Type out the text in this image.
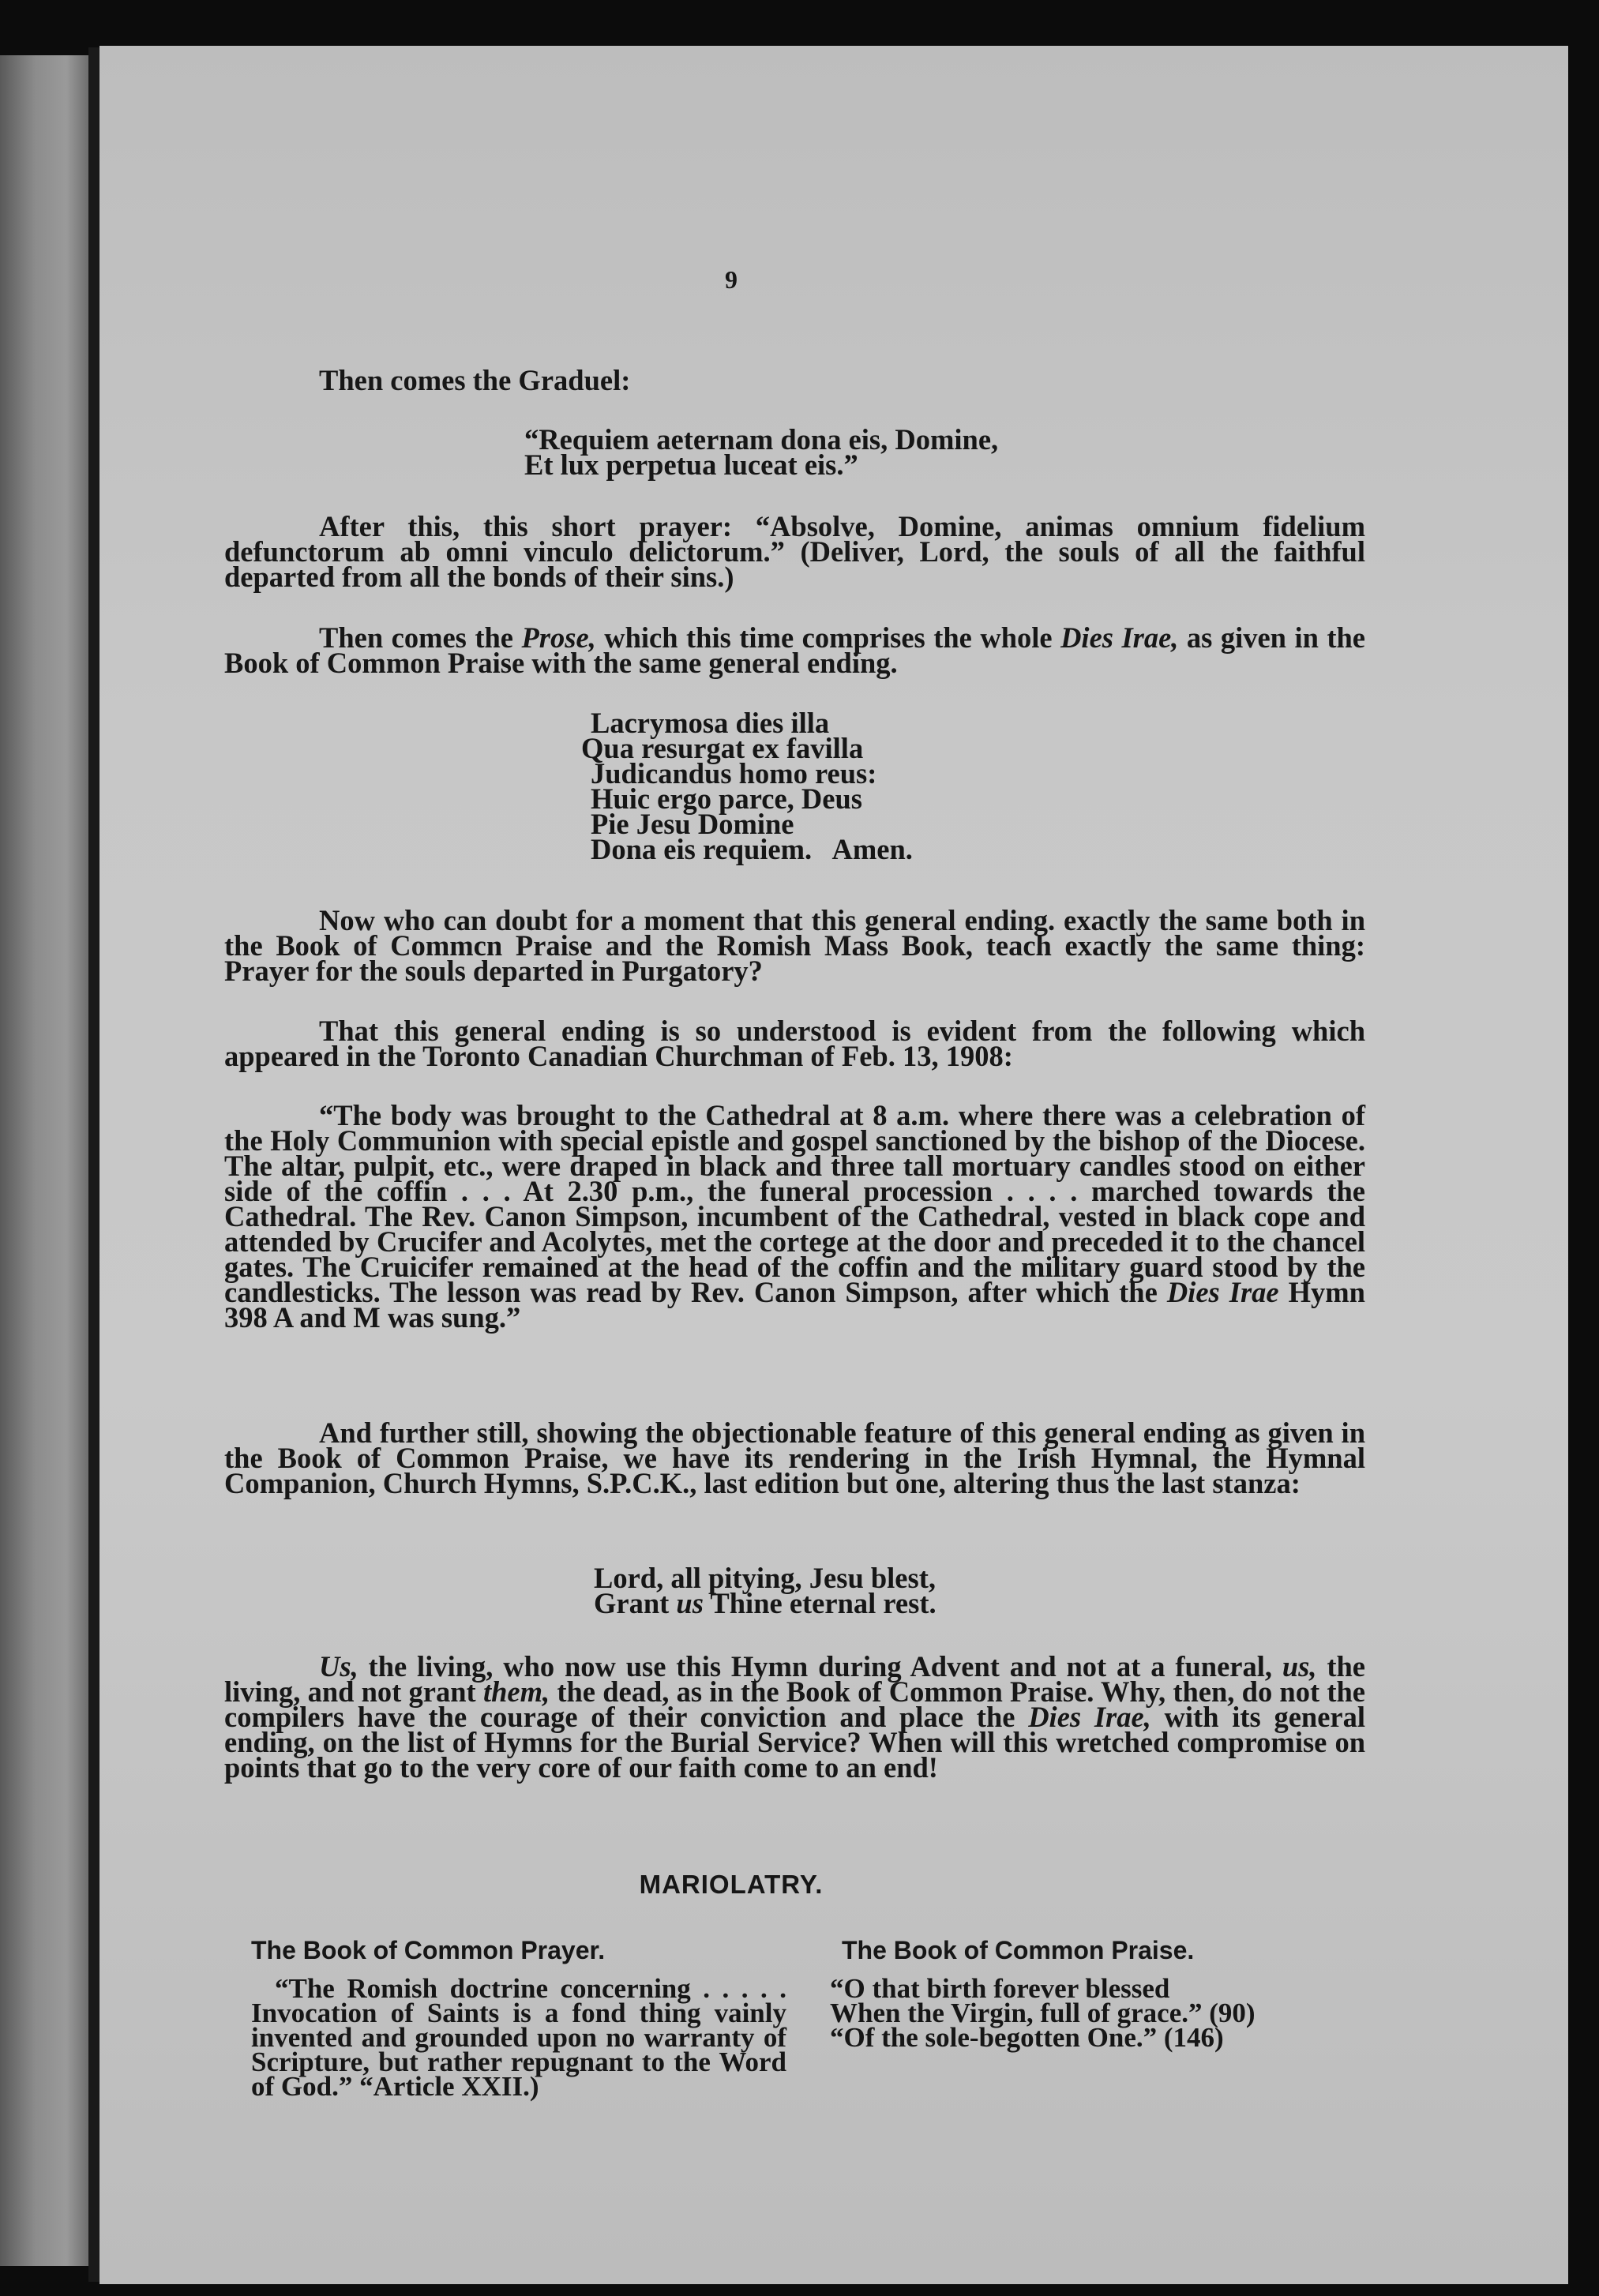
9

Then comes the Graduel:

“Requiem aeternam dona eis, Domine,
Et lux perpetua luceat eis.”

After this, this short prayer: “Absolve, Domine, animas omnium fidelium defunctorum ab omni vinculo delictorum.” (Deliver, Lord, the souls of all the faithful departed from all the bonds of their sins.)

Then comes the Prose, which this time comprises the whole Dies Irae, as given in the Book of Common Praise with the same general ending.

Lacrymosa dies illa
Qua resurgat ex favilla
Judicandus homo reus:
Huic ergo parce, Deus
Pie Jesu Domine
Dona eis requiem.   Amen.

Now who can doubt for a moment that this general ending. exactly the same both in the Book of Commcn Praise and the Romish Mass Book, teach exactly the same thing: Prayer for the souls departed in Purgatory?

That this general ending is so understood is evident from the following which appeared in the Toronto Canadian Churchman of Feb. 13, 1908:

“The body was brought to the Cathedral at 8 a.m. where there was a celebration of the Holy Communion with special epistle and gospel sanctioned by the bishop of the Diocese. The altar, pulpit, etc., were draped in black and three tall mortuary candles stood on either side of the coffin . . . At 2.30 p.m., the funeral procession . . . . marched towards the Cathedral. The Rev. Canon Simpson, incumbent of the Cathedral, vested in black cope and attended by Crucifer and Acolytes, met the cortege at the door and preceded it to the chancel gates. The Cruicifer remained at the head of the coffin and the military guard stood by the candlesticks. The lesson was read by Rev. Canon Simpson, after which the Dies Irae Hymn 398 A and M was sung.”

And further still, showing the objectionable feature of this general ending as given in the Book of Common Praise, we have its rendering in the Irish Hymnal, the Hymnal Companion, Church Hymns, S.P.C.K., last edition but one, altering thus the last stanza:

Lord, all pitying, Jesu blest,
Grant us Thine eternal rest.

Us, the living, who now use this Hymn during Advent and not at a funeral, us, the living, and not grant them, the dead, as in the Book of Common Praise. Why, then, do not the compilers have the courage of their conviction and place the Dies Irae, with its general ending, on the list of Hymns for the Burial Service? When will this wretched compromise on points that go to the very core of our faith come to an end!

MARIOLATRY.
The Book of Common Prayer.

“The Romish doctrine concerning . . . . . Invocation of Saints is a fond thing vainly invented and grounded upon no warranty of Scripture, but rather repugnant to the Word of God.” “Article XXII.)

The Book of Common Praise.
“O that birth forever blessed
When the Virgin, full of grace.” (90)
“Of the sole-begotten One.” (146)
